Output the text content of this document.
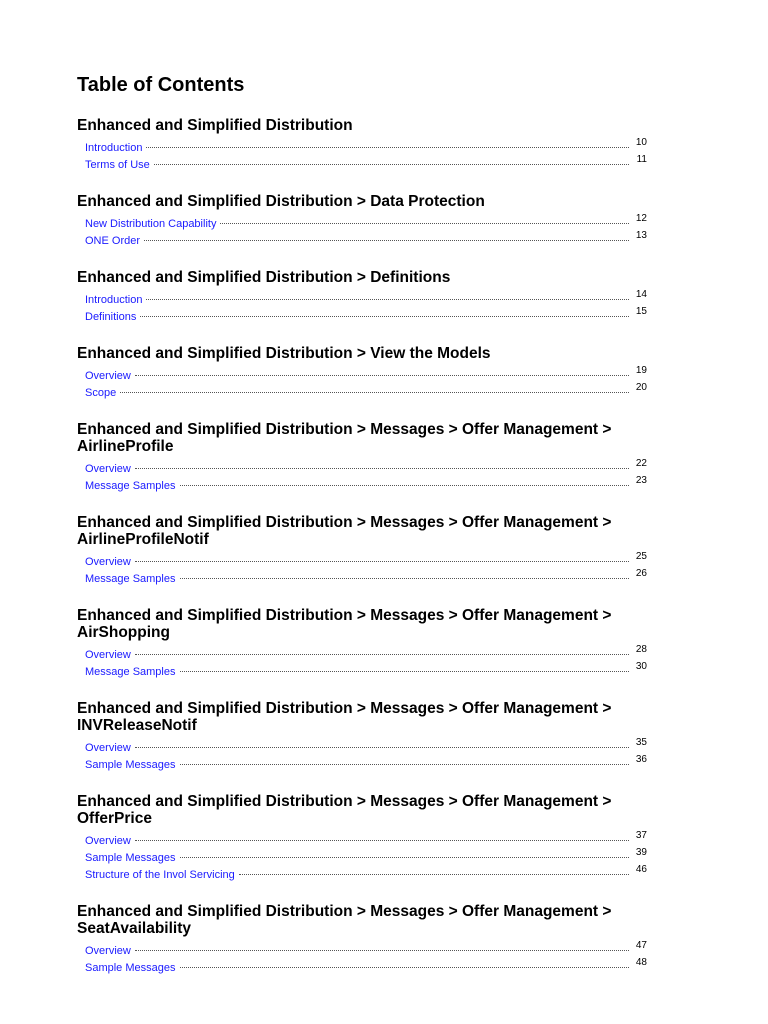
Table of Contents
Enhanced and Simplified Distribution
Introduction	10
Terms of Use	11
Enhanced and Simplified Distribution > Data Protection
New Distribution Capability	12
ONE Order	13
Enhanced and Simplified Distribution > Definitions
Introduction	14
Definitions	15
Enhanced and Simplified Distribution > View the Models
Overview	19
Scope	20
Enhanced and Simplified Distribution > Messages > Offer Management > AirlineProfile
Overview	22
Message Samples	23
Enhanced and Simplified Distribution > Messages > Offer Management > AirlineProfileNotif
Overview	25
Message Samples	26
Enhanced and Simplified Distribution > Messages > Offer Management > AirShopping
Overview	28
Message Samples	30
Enhanced and Simplified Distribution > Messages > Offer Management > INVReleaseNotif
Overview	35
Sample Messages	36
Enhanced and Simplified Distribution > Messages > Offer Management > OfferPrice
Overview	37
Sample Messages	39
Structure of the Invol Servicing	46
Enhanced and Simplified Distribution > Messages > Offer Management > SeatAvailability
Overview	47
Sample Messages	48
